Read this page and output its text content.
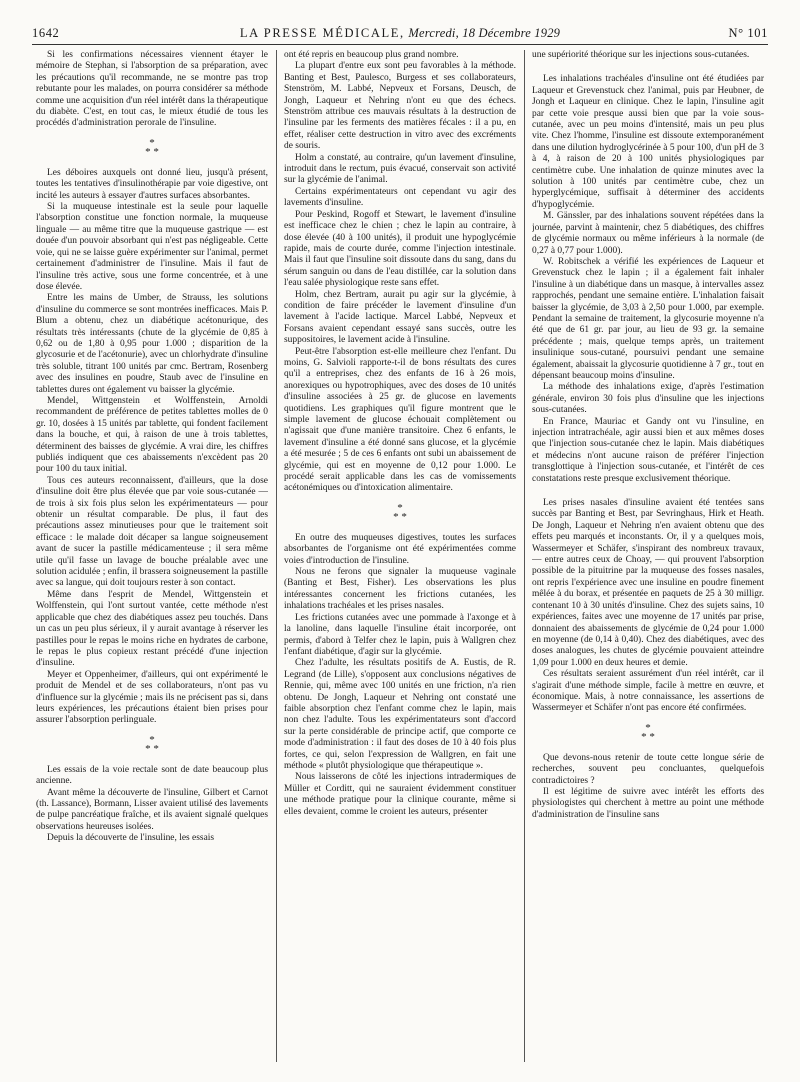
1642	LA PRESSE MÉDICALE, Mercredi, 18 Décembre 1929	N° 101

Si les confirmations nécessaires viennent étayer le mémoire de Stephan, si l'absorption de sa préparation, avec les précautions qu'il recommande, ne se montre pas trop rebutante pour les malades, on pourra considérer sa méthode comme une acquisition d'un réel intérêt dans la thérapeutique du diabète. C'est, en tout cas, le mieux étudié de tous les procédés d'administration perorale de l'insuline.

*
* *

Les déboires auxquels ont donné lieu, jusqu'à présent, toutes les tentatives d'insulinothérapie par voie digestive, ont incité les auteurs à essayer d'autres surfaces absorbantes.

Si la muqueuse intestinale est la seule pour laquelle l'absorption constitue une fonction normale, la muqueuse linguale — au même titre que la muqueuse gastrique — est douée d'un pouvoir absorbant qui n'est pas négligeable. Cette voie, qui ne se laisse guère expérimenter sur l'animal, permet certainement d'administrer de l'insuline. Mais il faut de l'insuline très active, sous une forme concentrée, et à une dose élevée.

Entre les mains de Umber, de Strauss, les solutions d'insuline du commerce se sont montrées inefficaces. Mais P. Blum a obtenu, chez un diabétique acétonurique, des résultats très intéressants (chute de la glycémie de 0,85 à 0,62 ou de 1,80 à 0,95 pour 1.000 ; disparition de la glycosurie et de l'acétonurie), avec un chlorhydrate d'insuline très soluble, titrant 100 unités par cmc. Bertram, Rosenberg avec des insulines en poudre, Staub avec de l'insuline en tablettes dures ont également vu baisser la glycémie.

Mendel, Wittgenstein et Wolffenstein, Arnoldi recommandent de préférence de petites tablettes molles de 0 gr. 10, dosées à 15 unités par tablette, qui fondent facilement dans la bouche, et qui, à raison de une à trois tablettes, déterminent des baisses de glycémie. A vrai dire, les chiffres publiés indiquent que ces abaissements n'excèdent pas 20 pour 100 du taux initial.

Tous ces auteurs reconnaissent, d'ailleurs, que la dose d'insuline doit être plus élevée que par voie sous-cutanée — de trois à six fois plus selon les expérimentateurs — pour obtenir un résultat comparable. De plus, il faut des précautions assez minutieuses pour que le traitement soit efficace : le malade doit décaper sa langue soigneusement avant de sucer la pastille médicamenteuse ; il sera même utile qu'il fasse un lavage de bouche préalable avec une solution acidulée ; enfin, il brassera soigneusement la pastille avec sa langue, qui doit toujours rester à son contact.

Même dans l'esprit de Mendel, Wittgenstein et Wolffenstein, qui l'ont surtout vantée, cette méthode n'est applicable que chez des diabétiques assez peu touchés. Dans un cas un peu plus sérieux, il y aurait avantage à réserver les pastilles pour le repas le moins riche en hydrates de carbone, le repas le plus copieux restant précédé d'une injection d'insuline.

Meyer et Oppenheimer, d'ailleurs, qui ont expérimenté le produit de Mendel et de ses collaborateurs, n'ont pas vu d'influence sur la glycémie ; mais ils ne précisent pas si, dans leurs expériences, les précautions étaient bien prises pour assurer l'absorption perlinguale.

*
* *

Les essais de la voie rectale sont de date beaucoup plus ancienne.

Avant même la découverte de l'insuline, Gilbert et Carnot (th. Lassance), Bormann, Lisser avaient utilisé des lavements de pulpe pancréatique fraîche, et ils avaient signalé quelques observations heureuses isolées.

Depuis la découverte de l'insuline, les essais

ont été repris en beaucoup plus grand nombre.

La plupart d'entre eux sont peu favorables à la méthode. Banting et Best, Paulesco, Burgess et ses collaborateurs, Stenström, M. Labbé, Nepveux et Forsans, Deusch, de Jongh, Laqueur et Nehring n'ont eu que des échecs. Stenström attribue ces mauvais résultats à la destruction de l'insuline par les ferments des matières fécales : il a pu, en effet, réaliser cette destruction in vitro avec des excréments de souris.

Holm a constaté, au contraire, qu'un lavement d'insuline, introduit dans le rectum, puis évacué, conservait son activité sur la glycémie de l'animal.

Certains expérimentateurs ont cependant vu agir des lavements d'insuline.

Pour Peskind, Rogoff et Stewart, le lavement d'insuline est inefficace chez le chien ; chez le lapin au contraire, à dose élevée (40 à 100 unités), il produit une hypoglycémie rapide, mais de courte durée, comme l'injection intestinale. Mais il faut que l'insuline soit dissoute dans du sang, dans du sérum sanguin ou dans de l'eau distillée, car la solution dans l'eau salée physiologique reste sans effet.

Holm, chez Bertram, aurait pu agir sur la glycémie, à condition de faire précéder le lavement d'insuline d'un lavement à l'acide lactique. Marcel Labbé, Nepveux et Forsans avaient cependant essayé sans succès, outre les suppositoires, le lavement acide à l'insuline.

Peut-être l'absorption est-elle meilleure chez l'enfant. Du moins, G. Salvioli rapporte-t-il de bons résultats des cures qu'il a entreprises, chez des enfants de 16 à 26 mois, anorexiques ou hypotrophiques, avec des doses de 10 unités d'insuline associées à 25 gr. de glucose en lavements quotidiens. Les graphiques qu'il figure montrent que le simple lavement de glucose échouait complètement ou n'agissait que d'une manière transitoire. Chez 6 enfants, le lavement d'insuline a été donné sans glucose, et la glycémie a été mesurée ; 5 de ces 6 enfants ont subi un abaissement de glycémie, qui est en moyenne de 0,12 pour 1.000. Le procédé serait applicable dans les cas de vomissements acétonémiques ou d'intoxication alimentaire.

*
* *

En outre des muqueuses digestives, toutes les surfaces absorbantes de l'organisme ont été expérimentées comme voies d'introduction de l'insuline.

Nous ne ferons que signaler la muqueuse vaginale (Banting et Best, Fisher). Les observations les plus intéressantes concernent les frictions cutanées, les inhalations trachéales et les prises nasales.

Les frictions cutanées avec une pommade à l'axonge et à la lanoline, dans laquelle l'insuline était incorporée, ont permis, d'abord à Telfer chez le lapin, puis à Wallgren chez l'enfant diabétique, d'agir sur la glycémie.

Chez l'adulte, les résultats positifs de A. Eustis, de R. Legrand (de Lille), s'opposent aux conclusions négatives de Rennie, qui, même avec 100 unités en une friction, n'a rien obtenu. De Jongh, Laqueur et Nehring ont constaté une faible absorption chez l'enfant comme chez le lapin, mais non chez l'adulte. Tous les expérimentateurs sont d'accord sur la perte considérable de principe actif, que comporte ce mode d'administration : il faut des doses de 10 à 40 fois plus fortes, ce qui, selon l'expression de Wallgren, en fait une méthode « plutôt physiologique que thérapeutique ».

Nous laisserons de côté les injections intradermiques de Müller et Corditt, qui ne sauraient évidemment constituer une méthode pratique pour la clinique courante, même si elles devaient, comme le croient les auteurs, présenter

une supériorité théorique sur les injections sous-cutanées.

Les inhalations trachéales d'insuline ont été étudiées par Laqueur et Grevenstuck chez l'animal, puis par Heubner, de Jongh et Laqueur en clinique. Chez le lapin, l'insuline agit par cette voie presque aussi bien que par la voie sous-cutanée, avec un peu moins d'intensité, mais un peu plus vite. Chez l'homme, l'insuline est dissoute extemporanément dans une dilution hydroglycérinée à 5 pour 100, d'un pH de 3 à 4, à raison de 20 à 100 unités physiologiques par centimètre cube. Une inhalation de quinze minutes avec la solution à 100 unités par centimètre cube, chez un hyperglycémique, suffisait à déterminer des accidents d'hypoglycémie.

M. Gänssler, par des inhalations souvent répétées dans la journée, parvint à maintenir, chez 5 diabétiques, des chiffres de glycémie normaux ou même inférieurs à la normale (de 0,27 à 0,77 pour 1.000).

W. Robitschek a vérifié les expériences de Laqueur et Grevenstuck chez le lapin ; il a également fait inhaler l'insuline à un diabétique dans un masque, à intervalles assez rapprochés, pendant une semaine entière. L'inhalation faisait baisser la glycémie, de 3,03 à 2,50 pour 1.000, par exemple. Pendant la semaine de traitement, la glycosurie moyenne n'a été que de 61 gr. par jour, au lieu de 93 gr. la semaine précédente ; mais, quelque temps après, un traitement insulinique sous-cutané, poursuivi pendant une semaine également, abaissait la glycosurie quotidienne à 7 gr., tout en dépensant beaucoup moins d'insuline.

La méthode des inhalations exige, d'après l'estimation générale, environ 30 fois plus d'insuline que les injections sous-cutanées.

En France, Mauriac et Gandy ont vu l'insuline, en injection intratrachéale, agir aussi bien et aux mêmes doses que l'injection sous-cutanée chez le lapin. Mais diabétiques et médecins n'ont aucune raison de préférer l'injection transglottique à l'injection sous-cutanée, et l'intérêt de ces constatations reste presque exclusivement théorique.

Les prises nasales d'insuline avaient été tentées sans succès par Banting et Best, par Sevringhaus, Hirk et Heath. De Jongh, Laqueur et Nehring n'en avaient obtenu que des effets peu marqués et inconstants. Or, il y a quelques mois, Wassermeyer et Schäfer, s'inspirant des nombreux travaux, — entre autres ceux de Choay, — qui prouvent l'absorption possible de la pituitrine par la muqueuse des fosses nasales, ont repris l'expérience avec une insuline en poudre finement mêlée à du borax, et présentée en paquets de 25 à 30 milligr. contenant 10 à 30 unités d'insuline. Chez des sujets sains, 10 expériences, faites avec une moyenne de 17 unités par prise, donnaient des abaissements de glycémie de 0,24 pour 1.000 en moyenne (de 0,14 à 0,40). Chez des diabétiques, avec des doses analogues, les chutes de glycémie pouvaient atteindre 1,09 pour 1.000 en deux heures et demie.

Ces résultats seraient assurément d'un réel intérêt, car il s'agirait d'une méthode simple, facile à mettre en œuvre, et économique. Mais, à notre connaissance, les assertions de Wassermeyer et Schäfer n'ont pas encore été confirmées.

*
* *

Que devons-nous retenir de toute cette longue série de recherches, souvent peu concluantes, quelquefois contradictoires ?

Il est légitime de suivre avec intérêt les efforts des physiologistes qui cherchent à mettre au point une méthode d'administration de l'insuline sans
